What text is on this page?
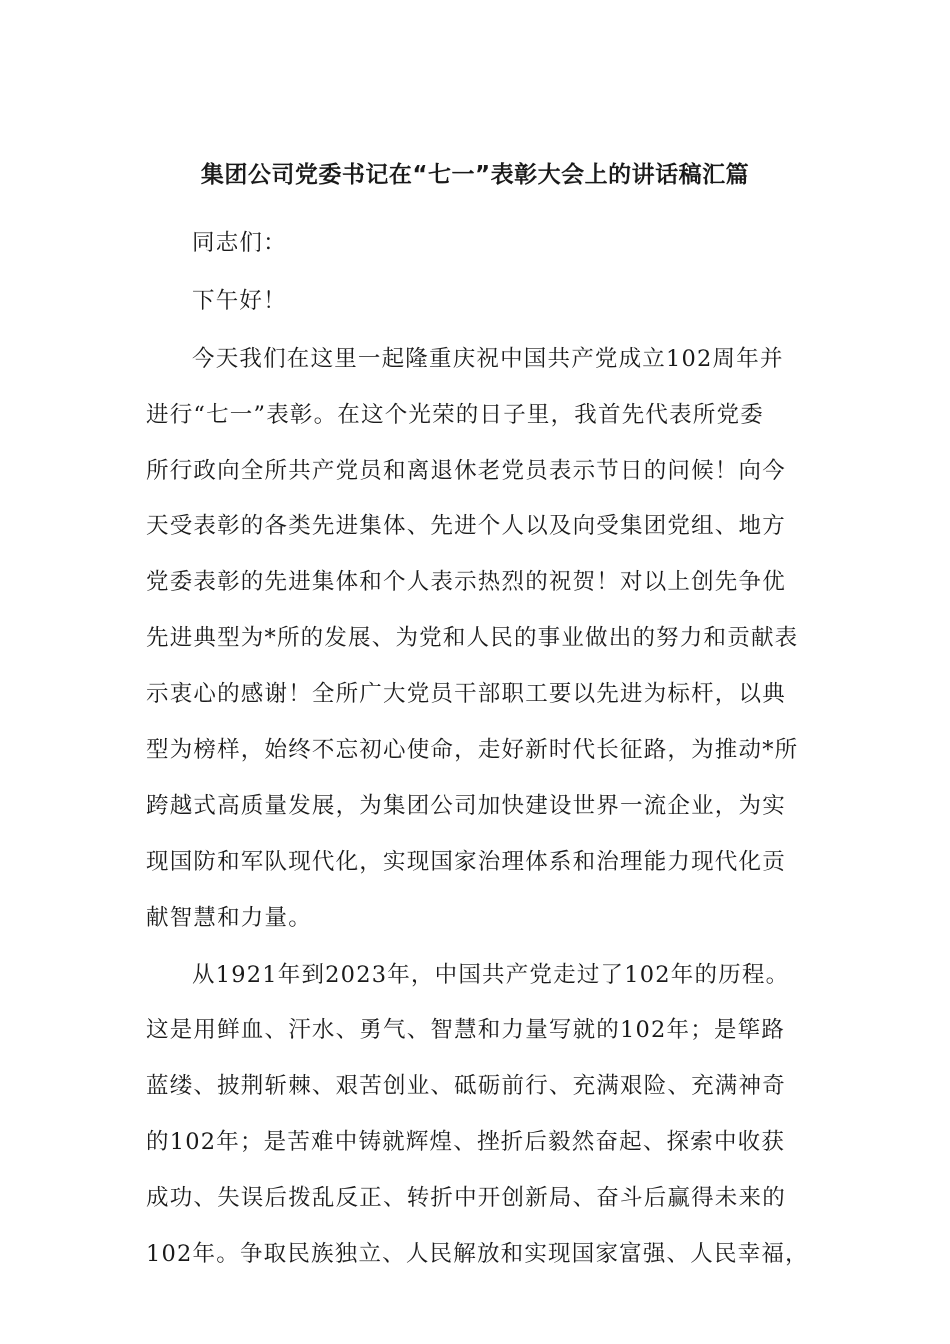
集团公司党委书记在“七一”表彰大会上的讲话稿汇篇
同志们：
下午好！
今天我们在这里一起隆重庆祝中国共产党成立102周年并
进行“七一”表彰。在这个光荣的日子里，我首先代表所党委
所行政向全所共产党员和离退休老党员表示节日的问候！向今
天受表彰的各类先进集体、先进个人以及向受集团党组、地方
党委表彰的先进集体和个人表示热烈的祝贺！对以上创先争优
先进典型为*所的发展、为党和人民的事业做出的努力和贡献表
示衷心的感谢！全所广大党员干部职工要以先进为标杆，以典
型为榜样，始终不忘初心使命，走好新时代长征路，为推动*所
跨越式高质量发展，为集团公司加快建设世界一流企业，为实
现国防和军队现代化，实现国家治理体系和治理能力现代化贡
献智慧和力量。
从1921年到2023年，中国共产党走过了102年的历程。
这是用鲜血、汗水、勇气、智慧和力量写就的102年；是筚路
蓝缕、披荆斩棘、艰苦创业、砥砺前行、充满艰险、充满神奇
的102年；是苦难中铸就辉煌、挫折后毅然奋起、探索中收获
成功、失误后拨乱反正、转折中开创新局、奋斗后赢得未来的
102年。争取民族独立、人民解放和实现国家富强、人民幸福，
